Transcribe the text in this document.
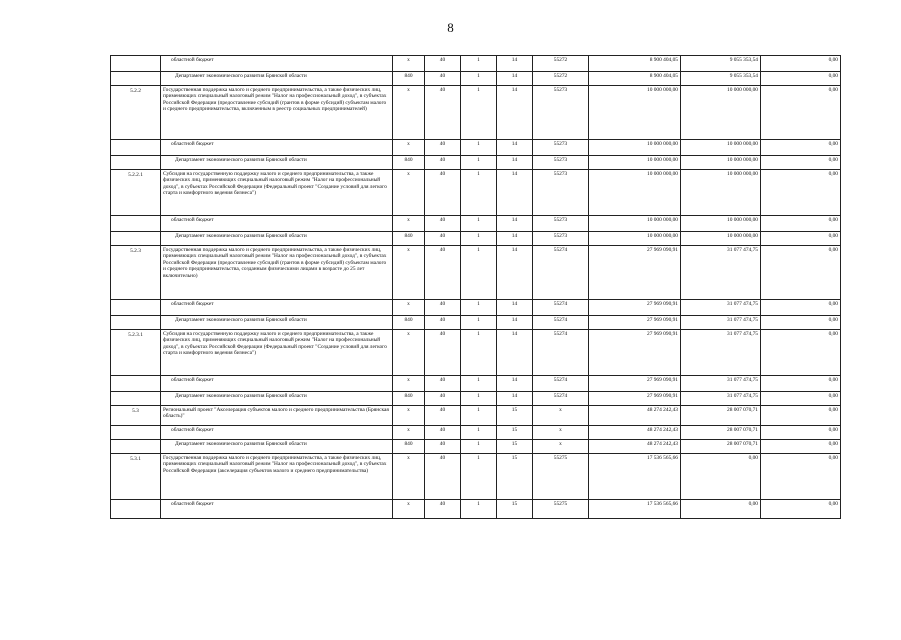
8
	областной бюджет	х	40	1	14	55272	8 900 404,05	9 055 353,54	0,00
	Департамент экономического развития Брянской области	840	40	1	14	55272	8 900 404,05	9 055 353,54	0,00
5.2.2	Государственная поддержка малого и среднего предпринимательства, а также физических лиц, применяющих специальный налоговый режим "Налог на профессиональный доход", в субъектах Российской Федерации (предоставление субсидий (грантов в форме субсидий) субъектам малого и среднего предпринимательства, включенным в реестр социальных предпринимателей)	х	40	1	14	55273	10 000 000,00	10 000 000,00	0,00
	областной бюджет	х	40	1	14	55273	10 000 000,00	10 000 000,00	0,00
	Департамент экономического развития Брянской области	840	40	1	14	55273	10 000 000,00	10 000 000,00	0,00
5.2.2.1	Субсидия на государственную поддержку малого и среднего предпринимательства, а также физических лиц, применяющих специальный налоговый режим "Налог на профессиональный доход", в субъектах Российской Федерации (Федеральный проект "Создание условий для легкого старта и комфортного ведения бизнеса")	х	40	1	14	55273	10 000 000,00	10 000 000,00	0,00
	областной бюджет	х	40	1	14	55273	10 000 000,00	10 000 000,00	0,00
	Департамент экономического развития Брянской области	840	40	1	14	55273	10 000 000,00	10 000 000,00	0,00
5.2.3	Государственная поддержка малого и среднего предпринимательства, а также физических лиц, применяющих специальный налоговый режим "Налог на профессиональный доход", в субъектах Российской Федерации (предоставление субсидий (грантов в форме субсидий) субъектам малого и среднего предпринимательства, созданным физическими лицами в возрасте до 25 лет включительно)	х	40	1	14	55274	27 969 090,91	31 077 474,75	0,00
	областной бюджет	х	40	1	14	55274	27 969 090,91	31 077 474,75	0,00
	Департамент экономического развития Брянской области	840	40	1	14	55274	27 969 090,91	31 077 474,75	0,00
5.2.3.1	Субсидия на государственную поддержку малого и среднего предпринимательства, а также физических лиц, применяющих специальный налоговый режим "Налог на профессиональный доход", в субъектах Российской Федерации (Федеральный проект "Создание условий для легкого старта и комфортного ведения бизнеса")	х	40	1	14	55274	27 969 090,91	31 077 474,75	0,00
	областной бюджет	х	40	1	14	55274	27 969 090,91	31 077 474,75	0,00
	Департамент экономического развития Брянской области	840	40	1	14	55274	27 969 090,91	31 077 474,75	0,00
5.3	Региональный проект "Акселерация субъектов малого и среднего предпринимательства (Брянская область)"	х	40	1	15	х	48 274 242,43	28 007 070,71	0,00
	областной бюджет	х	40	1	15	х	48 274 242,43	28 007 070,71	0,00
	Департамент экономического развития Брянской области	840	40	1	15	х	48 274 242,43	28 007 070,71	0,00
5.3.1	Государственная поддержка малого и среднего предпринимательства, а также физических лиц, применяющих специальный налоговый режим "Налог на профессиональный доход", в субъектах Российской Федерации (акселерация субъектов малого и среднего предпринимательства)	х	40	1	15	55275	17 536 565,66	0,00	0,00
	областной бюджет	х	40	1	15	55275	17 536 565,66	0,00	0,00
